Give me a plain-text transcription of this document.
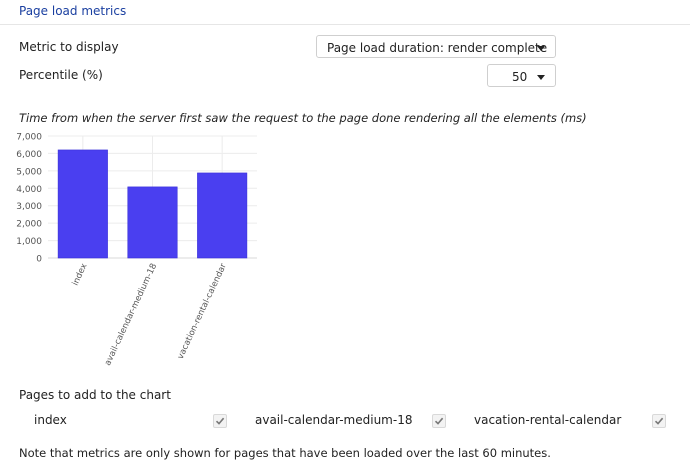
Page load metrics
Metric to display	Page load duration: render complete
Percentile (%)	50
Time from when the server first saw the request to the page done rendering all the elements (ms)
0
1,000
2,000
3,000
4,000
5,000
6,000
7,000
index avail-calendar-medium-18 vacation-rental-calendar
Pages to add to the chart
index	avail-calendar-medium-18	vacation-rental-calendar
Note that metrics are only shown for pages that have been loaded over the last 60 minutes.
